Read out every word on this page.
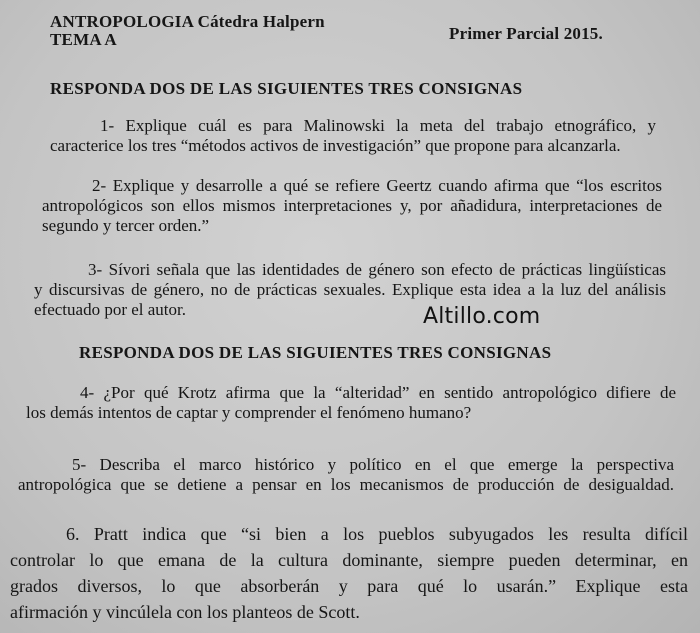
ANTROPOLOGIA Cátedra Halpern
TEMA A	Primer Parcial 2015.
RESPONDA DOS DE LAS SIGUIENTES TRES CONSIGNAS
1- Explique cuál es para Malinowski la meta del trabajo etnográfico, y
caracterice los tres “métodos activos de investigación” que propone para alcanzarla.
2- Explique y desarrolle a qué se refiere Geertz cuando afirma que “los escritos
antropológicos son ellos mismos interpretaciones y, por añadidura, interpretaciones de
segundo y tercer orden.”
3- Sívori señala que las identidades de género son efecto de prácticas lingüísticas
y discursivas de género, no de prácticas sexuales. Explique esta idea a la luz del análisis
efectuado por el autor.	Altillo.com
RESPONDA DOS DE LAS SIGUIENTES TRES CONSIGNAS
4- ¿Por qué Krotz afirma que la “alteridad” en sentido antropológico difiere de
los demás intentos de captar y comprender el fenómeno humano?
5- Describa el marco histórico y político en el que emerge la perspectiva
antropológica que se detiene a pensar en los mecanismos de producción de desigualdad.
6. Pratt indica que “si bien a los pueblos subyugados les resulta difícil
controlar lo que emana de la cultura dominante, siempre pueden determinar, en
grados diversos, lo que absorberán y para qué lo usarán.” Explique esta
afirmación y vincúlela con los planteos de Scott.
